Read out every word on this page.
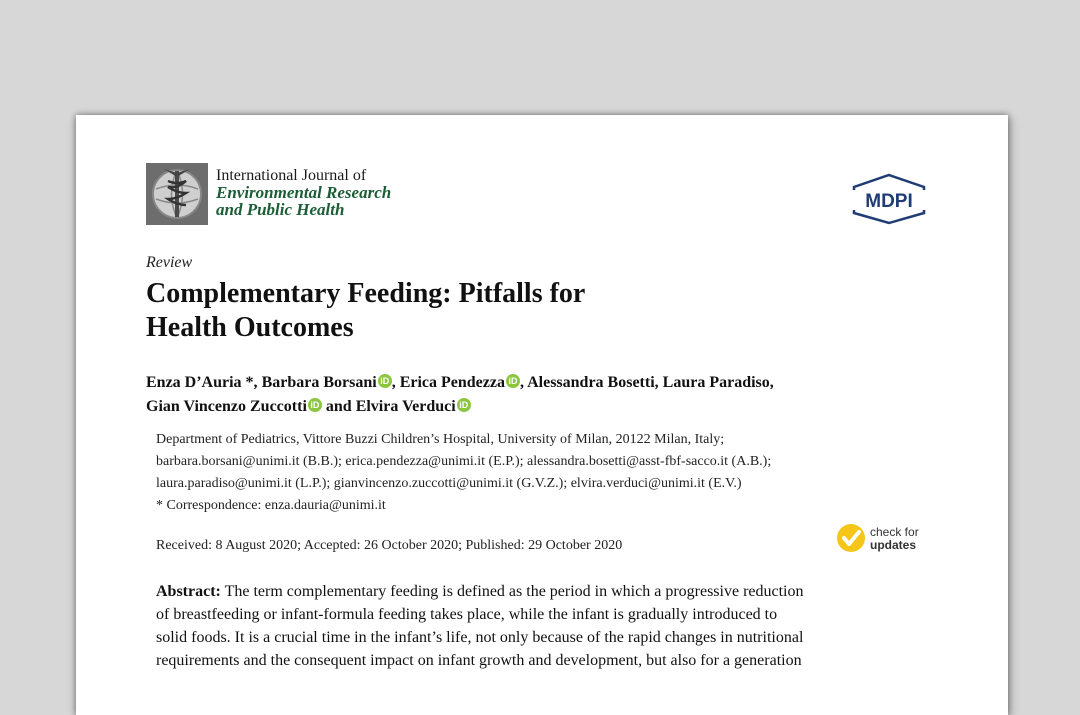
International Journal of
Environmental Research
and Public Health	MDPI
Review
Complementary Feeding: Pitfalls for
Health Outcomes
Enza D’Auria *, Barbara Borsani iD , Erica Pendezza iD , Alessandra Bosetti, Laura Paradiso,
Gian Vincenzo Zuccotti iD and Elvira Verduci iD
Department of Pediatrics, Vittore Buzzi Children’s Hospital, University of Milan, 20122 Milan, Italy;
barbara.borsani@unimi.it (B.B.); erica.pendezza@unimi.it (E.P.); alessandra.bosetti@asst-fbf-sacco.it (A.B.);
laura.paradiso@unimi.it (L.P.); gianvincenzo.zuccotti@unimi.it (G.V.Z.); elvira.verduci@unimi.it (E.V.)
* Correspondence: enza.dauria@unimi.it
Received: 8 August 2020; Accepted: 26 October 2020; Published: 29 October 2020
check for
updates
Abstract: The term complementary feeding is defined as the period in which a progressive reduction
of breastfeeding or infant-formula feeding takes place, while the infant is gradually introduced to
solid foods. It is a crucial time in the infant’s life, not only because of the rapid changes in nutritional
requirements and the consequent impact on infant growth and development, but also for a generation
